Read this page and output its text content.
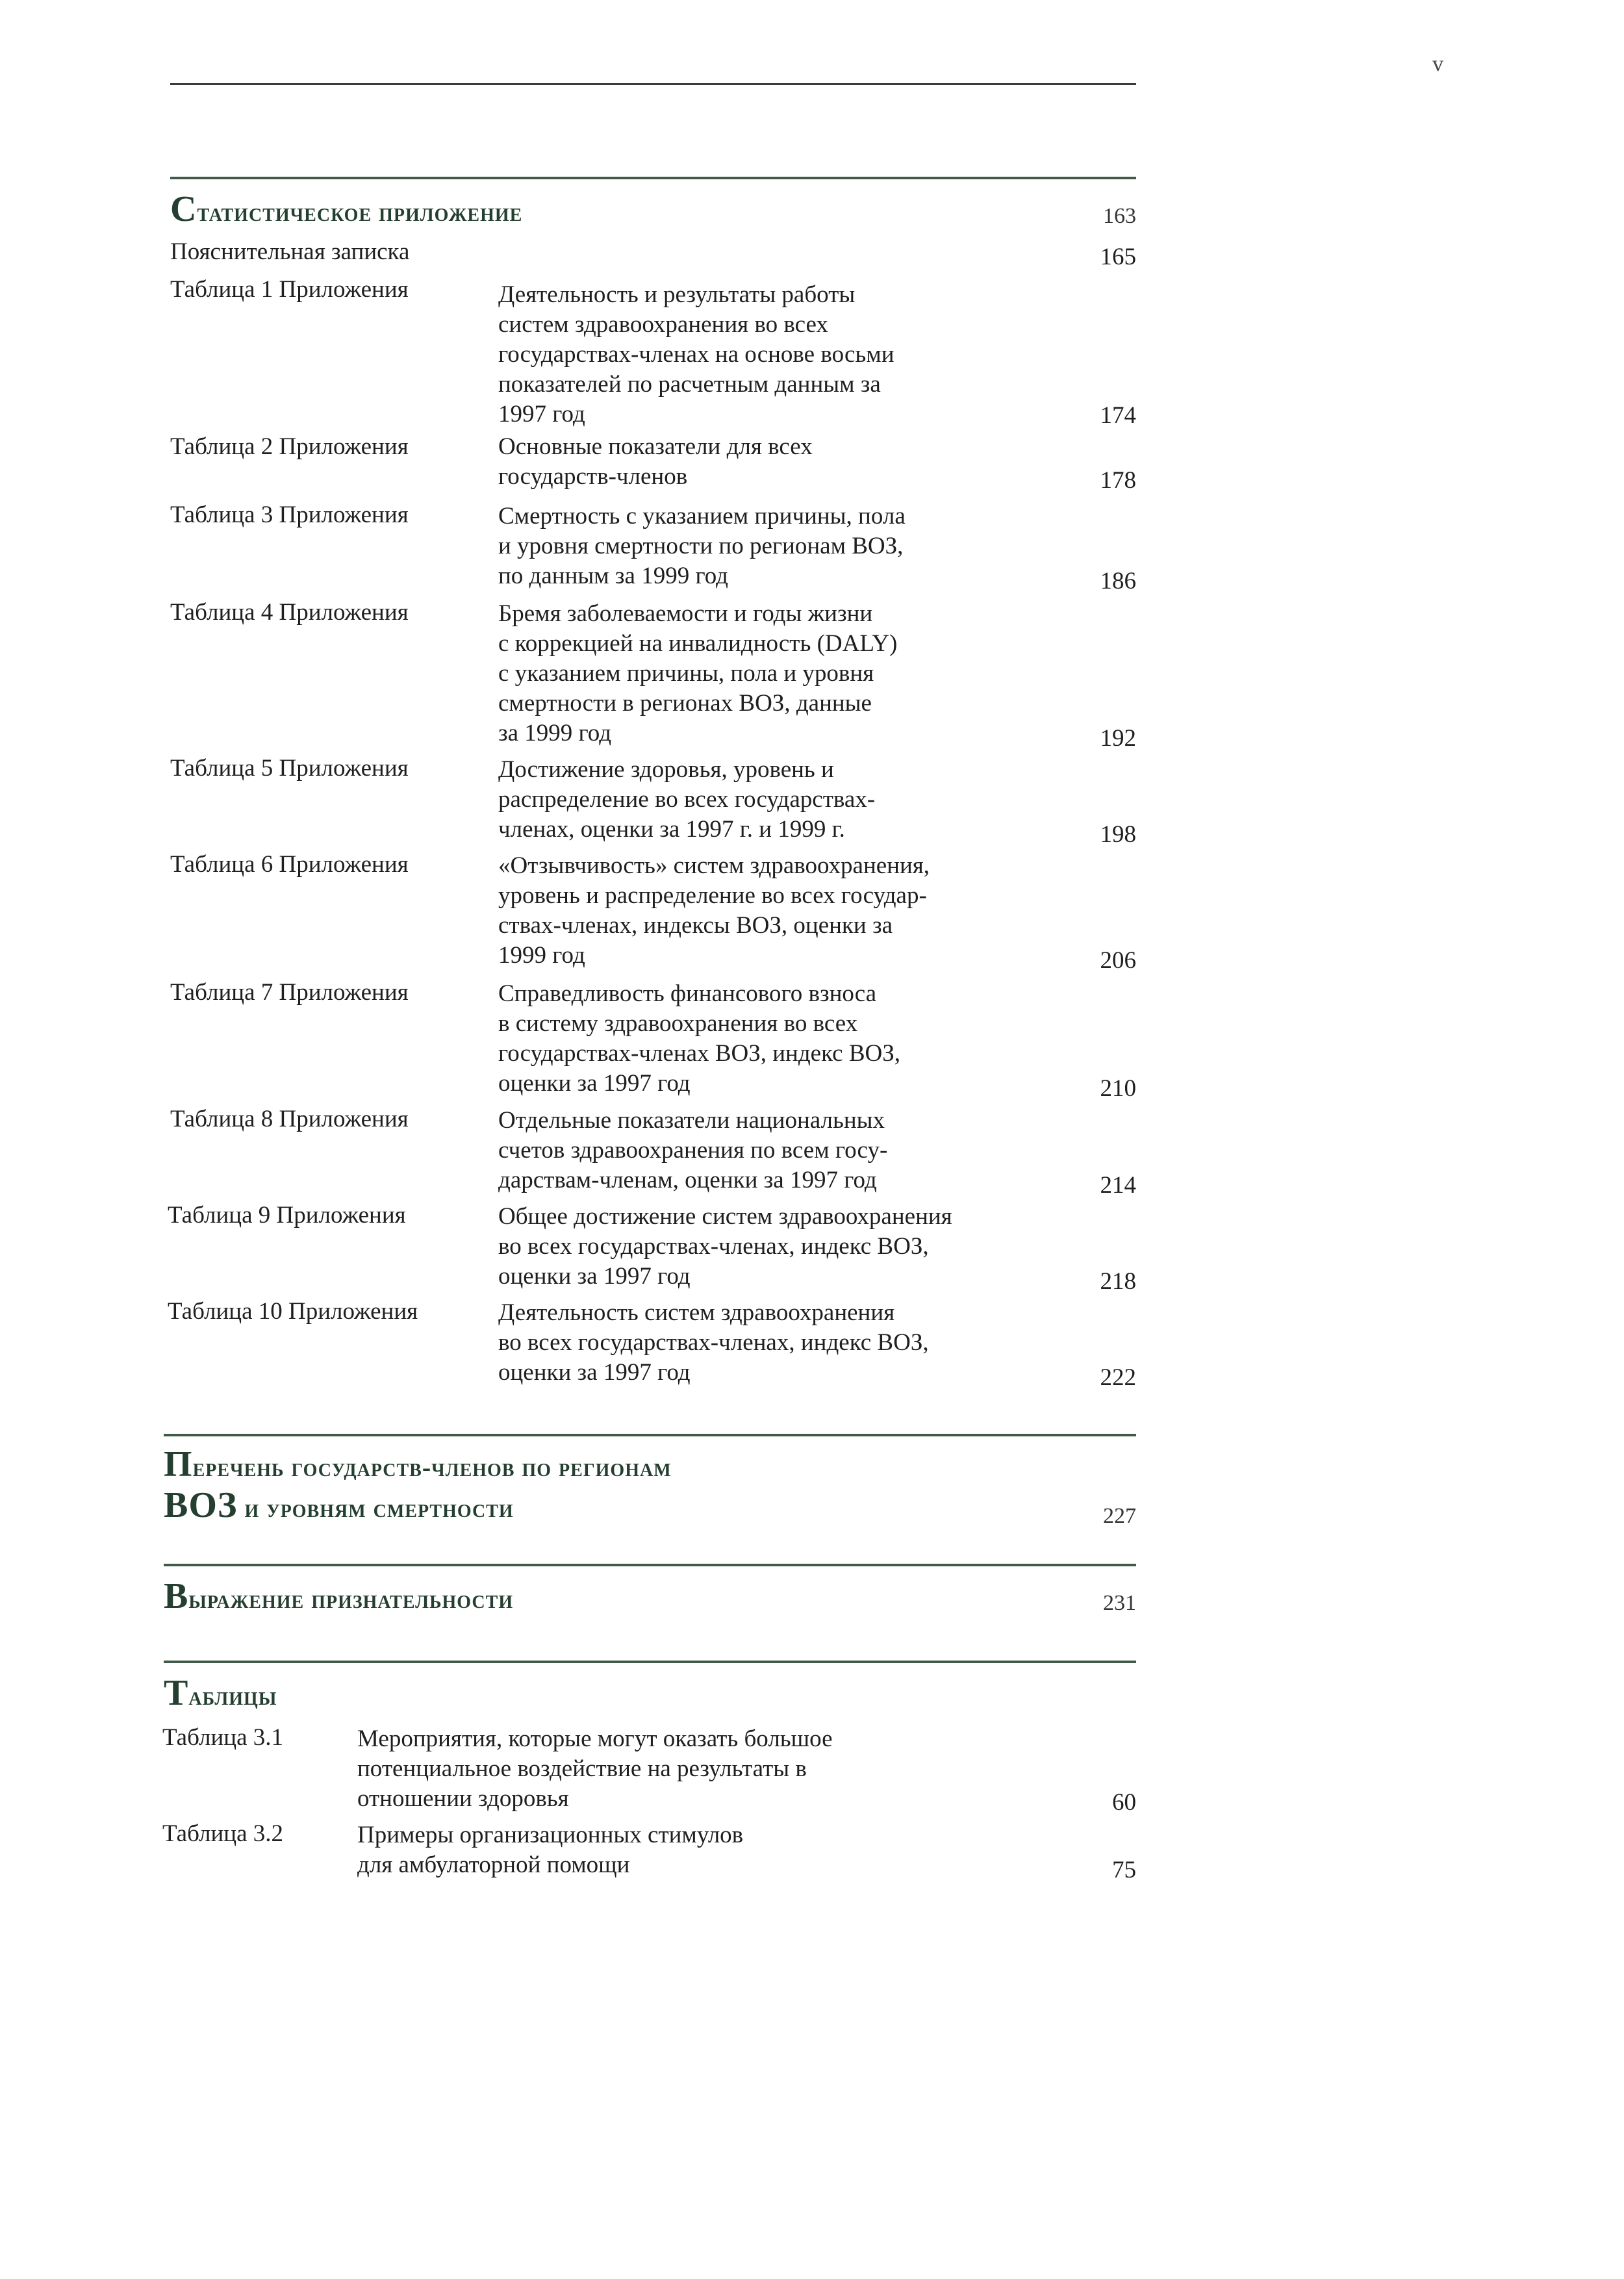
v
Статистическое приложение	163
Пояснительная записка	165
Таблица 1 Приложения	Деятельность и результаты работы
систем здравоохранения во всех
государствах-членах на основе восьми
показателей по расчетным данным за
1997 год	174
Таблица 2 Приложения	Основные показатели для всех
государств-членов	178
Таблица 3 Приложения	Смертность с указанием причины, пола
и уровня смертности по регионам ВОЗ,
по данным за 1999 год	186
Таблица 4 Приложения	Бремя заболеваемости и годы жизни
с коррекцией на инвалидность (DALY)
с указанием причины, пола и уровня
смертности в регионах ВОЗ, данные
за 1999 год	192
Таблица 5 Приложения	Достижение здоровья, уровень и
распределение во всех государствах-
членах, оценки за 1997 г. и 1999 г.	198
Таблица 6 Приложения	«Отзывчивость» систем здравоохранения,
уровень и распределение во всех государ-
ствах-членах, индексы ВОЗ, оценки за
1999 год	206
Таблица 7 Приложения	Справедливость финансового взноса
в систему здравоохранения во всех
государствах-членах ВОЗ, индекс ВОЗ,
оценки за 1997 год	210
Таблица 8 Приложения	Отдельные показатели национальных
счетов здравоохранения по всем госу-
дарствам-членам, оценки за 1997 год	214
Таблица 9 Приложения	Общее достижение систем здравоохранения
во всех государствах-членах, индекс ВОЗ,
оценки за 1997 год	218
Таблица 10 Приложения	Деятельность систем здравоохранения
во всех государствах-членах, индекс ВОЗ,
оценки за 1997 год	222
Перечень государств-членов по регионам
ВОЗ и уровням смертности	227
Выражение признательности	231
Таблицы
Таблица 3.1	Мероприятия, которые могут оказать большое
потенциальное воздействие на результаты в
отношении здоровья	60
Таблица 3.2	Примеры организационных стимулов
для амбулаторной помощи	75
